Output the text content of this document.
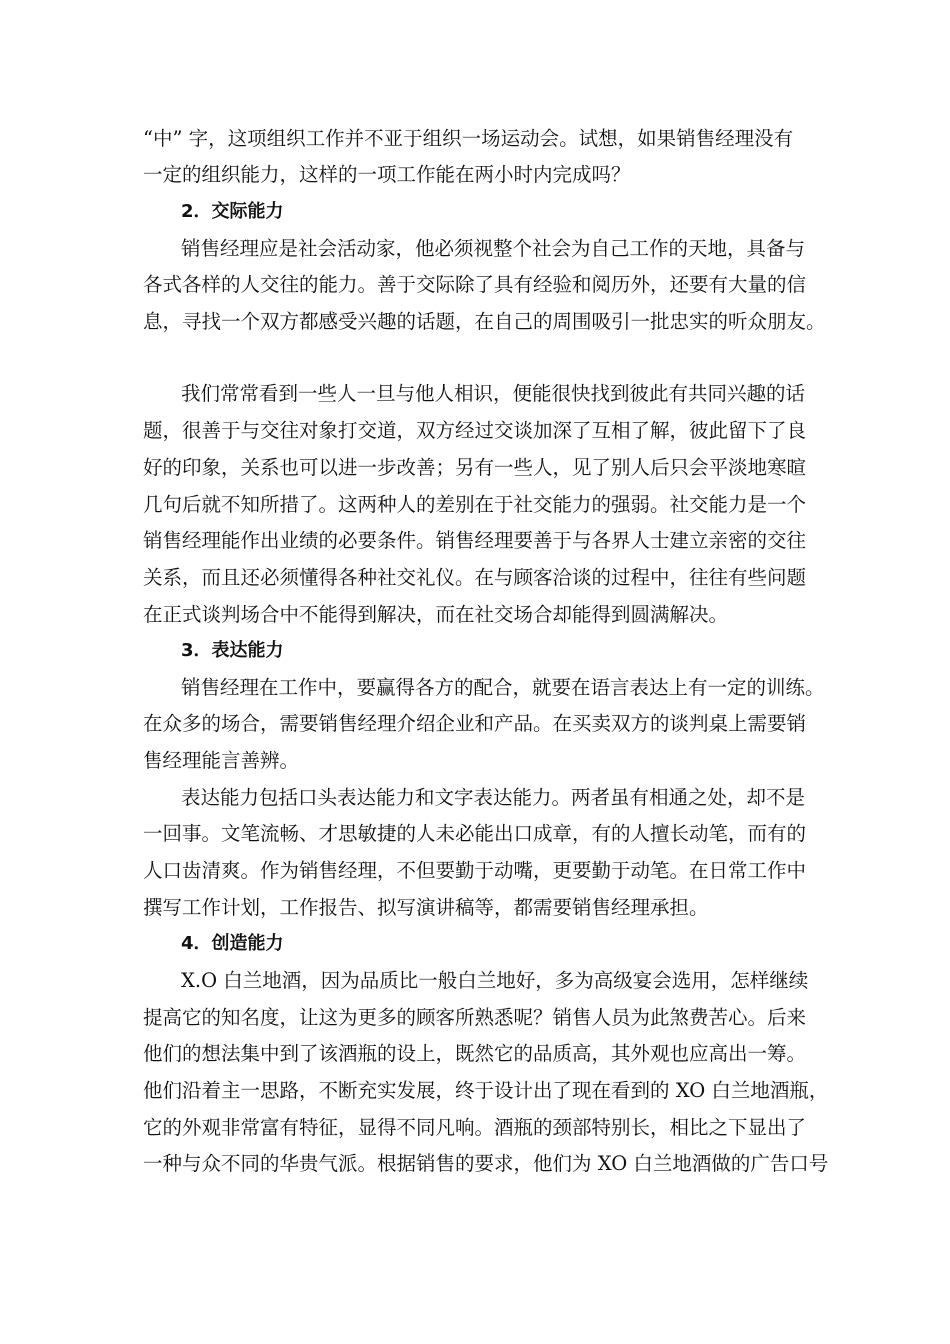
“中” 字，这项组织工作并不亚于组织一场运动会。试想，如果销售经理没有
一定的组织能力，这样的一项工作能在两小时内完成吗？
2．交际能力
销售经理应是社会活动家，他必须视整个社会为自己工作的天地，具备与
各式各样的人交往的能力。善于交际除了具有经验和阅历外，还要有大量的信
息，寻找一个双方都感受兴趣的话题，在自己的周围吸引一批忠实的听众朋友。
我们常常看到一些人一旦与他人相识，便能很快找到彼此有共同兴趣的话
题，很善于与交往对象打交道，双方经过交谈加深了互相了解，彼此留下了良
好的印象，关系也可以进一步改善；另有一些人，见了别人后只会平淡地寒暄
几句后就不知所措了。这两种人的差别在于社交能力的强弱。社交能力是一个
销售经理能作出业绩的必要条件。销售经理要善于与各界人士建立亲密的交往
关系，而且还必须懂得各种社交礼仪。在与顾客洽谈的过程中，往往有些问题
在正式谈判场合中不能得到解决，而在社交场合却能得到圆满解决。
3．表达能力
销售经理在工作中，要赢得各方的配合，就要在语言表达上有一定的训练。
在众多的场合，需要销售经理介绍企业和产品。在买卖双方的谈判桌上需要销
售经理能言善辨。
表达能力包括口头表达能力和文字表达能力。两者虽有相通之处，却不是
一回事。文笔流畅、才思敏捷的人未必能出口成章，有的人擅长动笔，而有的
人口齿清爽。作为销售经理，不但要勤于动嘴，更要勤于动笔。在日常工作中
撰写工作计划，工作报告、拟写演讲稿等，都需要销售经理承担。
4．创造能力
X.O 白兰地酒，因为品质比一般白兰地好，多为高级宴会选用，怎样继续
提高它的知名度，让这为更多的顾客所熟悉呢？销售人员为此煞费苦心。后来
他们的想法集中到了该酒瓶的设上，既然它的品质高，其外观也应高出一筹。
他们沿着主一思路，不断充实发展，终于设计出了现在看到的 XO 白兰地酒瓶，
它的外观非常富有特征，显得不同凡响。酒瓶的颈部特别长，相比之下显出了
一种与众不同的华贵气派。根据销售的要求，他们为 XO 白兰地酒做的广告口号
